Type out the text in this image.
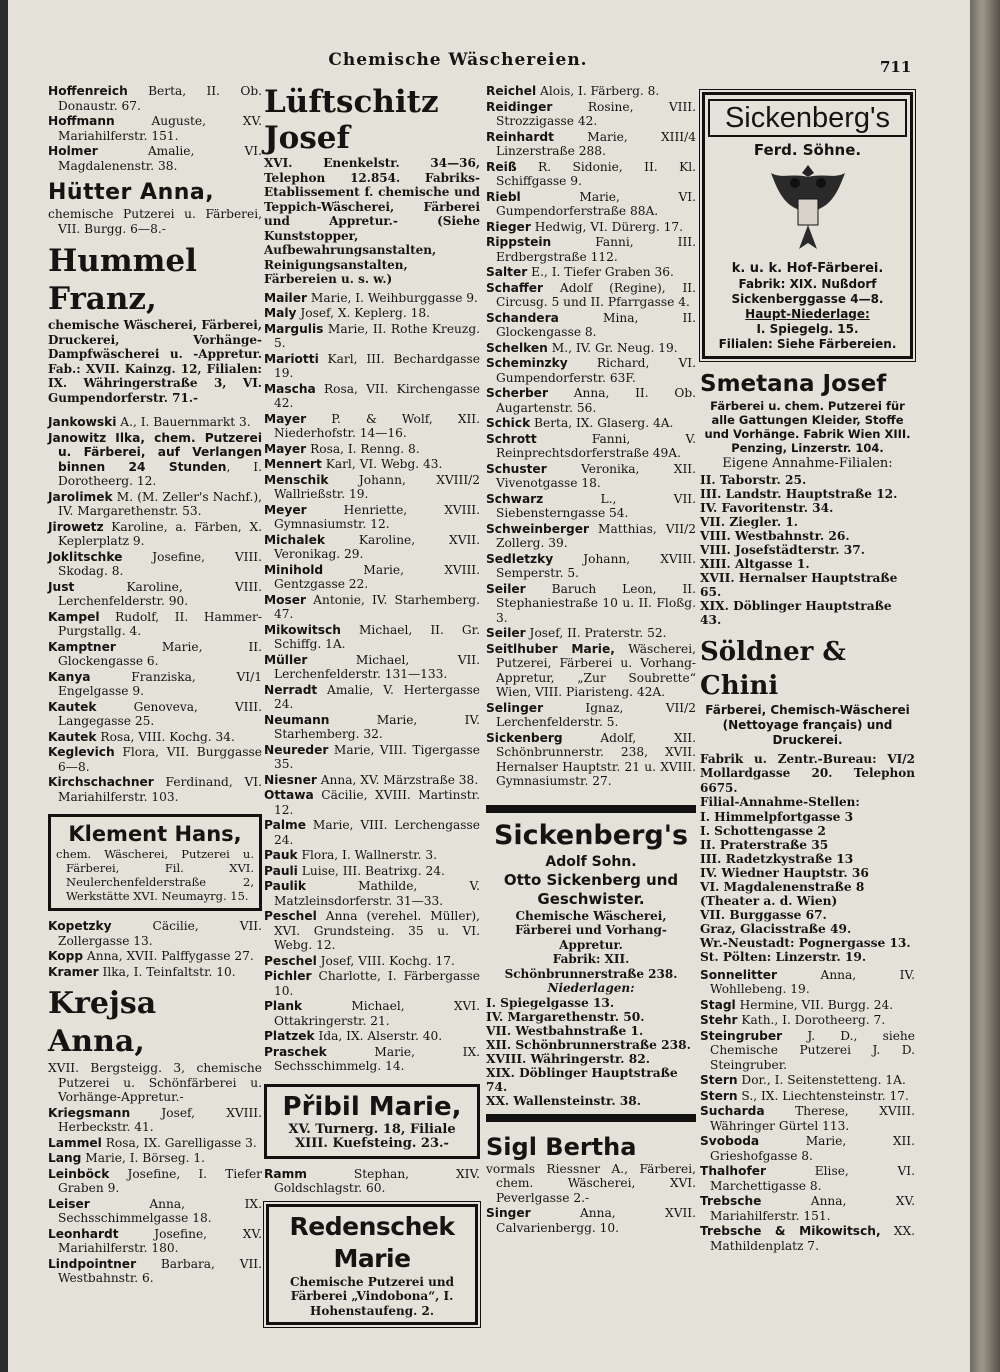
Chemische Wäschereien.	711
Hoffenreich Berta, II. Ob. Donaustr. 67.
Hoffmann Auguste, XV. Mariahilferstr. 151.
Holmer Amalie, VI. Magdalenenstr. 38.
Hütter Anna,
chemische Putzerei u. Färberei, VII. Burgg. 6—8.-
Hummel Franz,
chemische Wäscherei, Färberei, Druckerei, Vorhänge-Dampfwäscherei u. -Appretur. Fab.: XVII. Kainzg. 12, Filialen: IX. Währingerstraße 3, VI. Gumpendorferstr. 71.-
Jankowski A., I. Bauernmarkt 3.
Janowitz Ilka, chem. Putzerei u. Färberei, auf Verlangen binnen 24 Stunden, I. Dorotheerg. 12.
Jarolimek M. (M. Zeller's Nachf.), IV. Margarethenstr. 53.
Jirowetz Karoline, a. Färben, X. Keplerplatz 9.
Joklitschke Josefine, VIII. Skodag. 8.
Just Karoline, VIII. Lerchenfelderstr. 90.
Kampel Rudolf, II. Hammer-Purgstallg. 4.
Kamptner Marie, II. Glockengasse 6.
Kanya Franziska, VI/1 Engelgasse 9.
Kautek Genoveva, VIII. Langegasse 25.
Kautek Rosa, VIII. Kochg. 34.
Keglevich Flora, VII. Burggasse 6—8.
Kirchschachner Ferdinand, VI. Mariahilferstr. 103.
Klement Hans,
chem. Wäscherei, Putzerei u. Färberei, Fil. XVI. Neulerchenfelderstraße 2, Werkstätte XVI. Neumayrg. 15.
Kopetzky Cäcilie, VII. Zollergasse 13.
Kopp Anna, XVII. Palffygasse 27.
Kramer Ilka, I. Teinfaltstr. 10.
Krejsa Anna,
XVII. Bergsteigg. 3, chemische Putzerei u. Schönfärberei u. Vorhänge-Appretur.-
Kriegsmann Josef, XVIII. Herbeckstr. 41.
Lammel Rosa, IX. Garelligasse 3.
Lang Marie, I. Börseg. 1.
Leinböck Josefine, I. Tiefer Graben 9.
Leiser Anna, IX. Sechsschimmelgasse 18.
Leonhardt Josefine, XV. Mariahilferstr. 180.
Lindpointner Barbara, VII. Westbahnstr. 6.
Lüftschitz Josef
XVI. Enenkelstr. 34—36, Telephon 12.854. Fabriks-Etablissement f. chemische und Teppich-Wäscherei, Färberei und Appretur.- (Siehe Kunststopper, Aufbewahrungsanstalten, Reinigungsanstalten, Färbereien u. s. w.)
Mailer Marie, I. Weihburggasse 9.
Maly Josef, X. Keplerg. 18.
Margulis Marie, II. Rothe Kreuzg. 5.
Mariotti Karl, III. Bechardgasse 19.
Mascha Rosa, VII. Kirchengasse 42.
Mayer P. & Wolf, XII. Niederhofstr. 14—16.
Mayer Rosa, I. Renng. 8.
Mennert Karl, VI. Webg. 43.
Menschik Johann, XVIII/2 Wallrießstr. 19.
Meyer Henriette, XVIII. Gymnasiumstr. 12.
Michalek Karoline, XVII. Veronikag. 29.
Minihold Marie, XVIII. Gentzgasse 22.
Moser Antonie, IV. Starhemberg. 47.
Mikowitsch Michael, II. Gr. Schiffg. 1A.
Müller Michael, VII. Lerchenfelderstr. 131—133.
Nerradt Amalie, V. Hertergasse 24.
Neumann Marie, IV. Starhemberg. 32.
Neureder Marie, VIII. Tigergasse 35.
Niesner Anna, XV. Märzstraße 38.
Ottawa Cäcilie, XVIII. Martinstr. 12.
Palme Marie, VIII. Lerchengasse 24.
Pauk Flora, I. Wallnerstr. 3.
Pauli Luise, III. Beatrixg. 24.
Paulik Mathilde, V. Matzleinsdorferstr. 31—33.
Peschel Anna (verehel. Müller), XVI. Grundsteing. 35 u. VI. Webg. 12.
Peschel Josef, VIII. Kochg. 17.
Pichler Charlotte, I. Färbergasse 10.
Plank Michael, XVI. Ottakringerstr. 21.
Platzek Ida, IX. Alserstr. 40.
Praschek Marie, IX. Sechsschimmelg. 14.
Přibil Marie,
XV. Turnerg. 18, Filiale XIII. Kuefsteing. 23.-
Ramm Stephan, XIV. Goldschlagstr. 60.
Redenschek Marie
Chemische Putzerei und Färberei „Vindobona“, I. Hohenstaufeng. 2.
Reichel Alois, I. Färberg. 8.
Reidinger Rosine, VIII. Strozzigasse 42.
Reinhardt Marie, XIII/4 Linzerstraße 288.
Reiß R. Sidonie, II. Kl. Schiffgasse 9.
Riebl Marie, VI. Gumpendorferstraße 88A.
Rieger Hedwig, VI. Dürerg. 17.
Rippstein Fanni, III. Erdbergstraße 112.
Salter E., I. Tiefer Graben 36.
Schaffer Adolf (Regine), II. Circusg. 5 und II. Pfarrgasse 4.
Schandera Mina, II. Glockengasse 8.
Schelken M., IV. Gr. Neug. 19.
Scheminzky Richard, VI. Gumpendorferstr. 63F.
Scherber Anna, II. Ob. Augartenstr. 56.
Schick Berta, IX. Glaserg. 4A.
Schrott Fanni, V. Reinprechtsdorferstraße 49A.
Schuster Veronika, XII. Vivenotgasse 18.
Schwarz L., VII. Siebensterngasse 54.
Schweinberger Matthias, VII/2 Zollerg. 39.
Sedletzky Johann, XVIII. Semperstr. 5.
Seiler Baruch Leon, II. Stephaniestraße 10 u. II. Floßg. 3.
Seiler Josef, II. Praterstr. 52.
Seitlhuber Marie, Wäscherei, Putzerei, Färberei u. Vorhang-Appretur, „Zur Soubrette“ Wien, VIII. Piaristeng. 42A.
Selinger Ignaz, VII/2 Lerchenfelderstr. 5.
Sickenberg Adolf, XII. Schönbrunnerstr. 238, XVII. Hernalser Hauptstr. 21 u. XVIII. Gymnasiumstr. 27.
Sickenberg's
Adolf Sohn.
Otto Sickenberg und Geschwister.
Chemische Wäscherei, Färberei und Vorhang-Appretur.
Fabrik: XII. Schönbrunnerstraße 238.
Niederlagen:
I. Spiegelgasse 13.
IV. Margarethenstr. 50.
VII. Westbahnstraße 1.
XII. Schönbrunnerstraße 238.
XVIII. Währingerstr. 82.
XIX. Döblinger Hauptstraße 74.
XX. Wallensteinstr. 38.
Sigl Bertha
vormals Riessner A., Färberei, chem. Wäscherei, XVI. Peverlgasse 2.-
Singer Anna, XVII. Calvarienbergg. 10.
Sickenberg's
Ferd. Söhne.
k. u. k. Hof-Färberei.
Fabrik: XIX. Nußdorf Sickenberggasse 4—8.
Haupt-Niederlage:
I. Spiegelg. 15.
Filialen: Siehe Färbereien.
Smetana Josef
Färberei u. chem. Putzerei für alle Gattungen Kleider, Stoffe und Vorhänge. Fabrik Wien XIII. Penzing, Linzerstr. 104.
Eigene Annahme-Filialen:
II. Taborstr. 25.
III. Landstr. Hauptstraße 12.
IV. Favoritenstr. 34.
VII. Ziegler. 1.
VIII. Westbahnstr. 26.
VIII. Josefstädterstr. 37.
XIII. Altgasse 1.
XVII. Hernalser Hauptstraße 65.
XIX. Döblinger Hauptstraße 43.
Söldner & Chini
Färberei, Chemisch-Wäscherei (Nettoyage français) und Druckerei.
Fabrik u. Zentr.-Bureau: VI/2 Mollardgasse 20. Telephon 6675.
Filial-Annahme-Stellen:
I. Himmelpfortgasse 3
I. Schottengasse 2
II. Praterstraße 35
III. Radetzkystraße 13
IV. Wiedner Hauptstr. 36
VI. Magdalenenstraße 8
(Theater a. d. Wien)
VII. Burggasse 67.
Graz, Glacisstraße 49.
Wr.-Neustadt: Pognergasse 13.
St. Pölten: Linzerstr. 19.
Sonnelitter Anna, IV. Wohllebeng. 19.
Stagl Hermine, VII. Burgg. 24.
Stehr Kath., I. Dorotheerg. 7.
Steingruber J. D., siehe Chemische Putzerei J. D. Steingruber.
Stern Dor., I. Seitenstetteng. 1A.
Stern S., IX. Liechtensteinstr. 17.
Sucharda Therese, XVIII. Währinger Gürtel 113.
Svoboda Marie, XII. Grieshofgasse 8.
Thalhofer Elise, VI. Marchettigasse 8.
Trebsche Anna, XV. Mariahilferstr. 151.
Trebsche & Mikowitsch, XX. Mathildenplatz 7.
